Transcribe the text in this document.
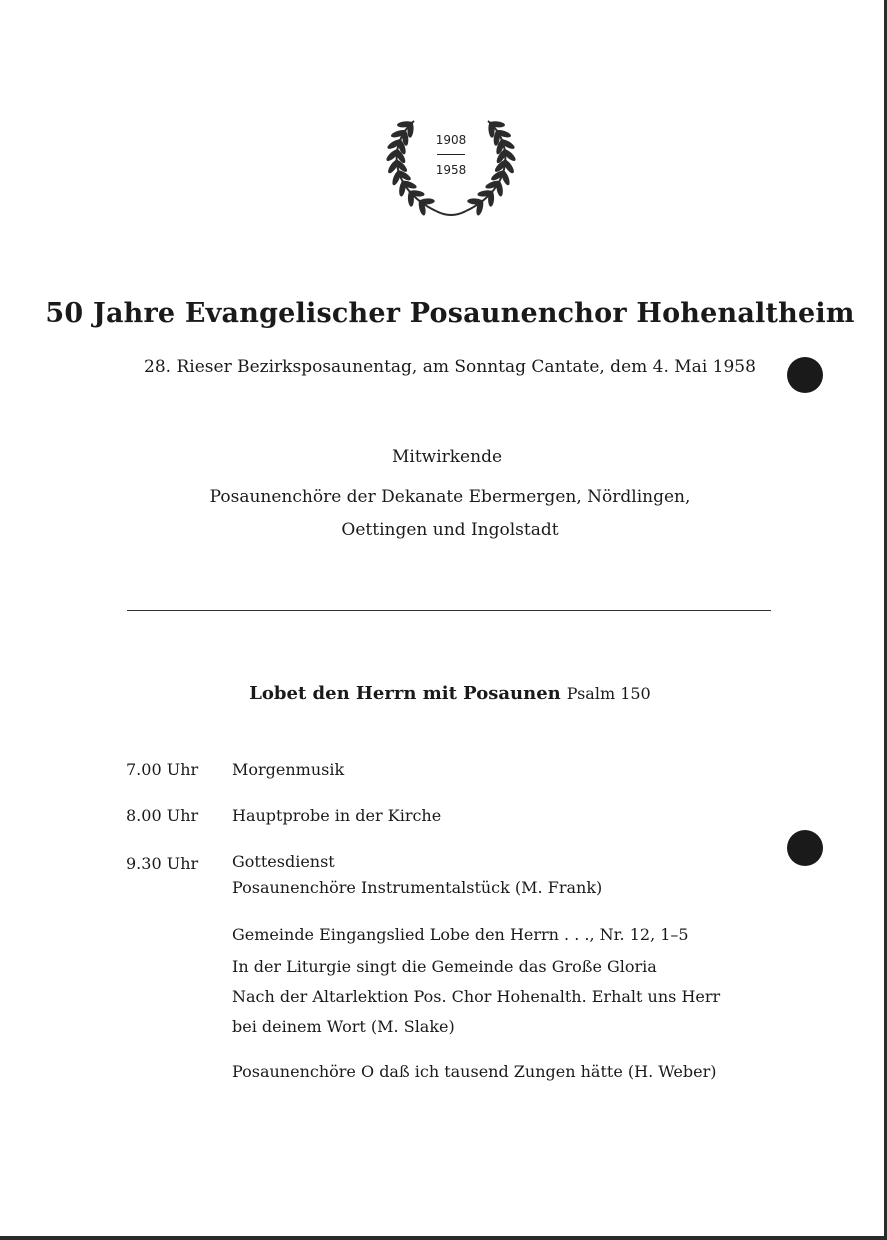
1908
1958
50 Jahre Evangelischer Posaunenchor Hohenaltheim
28. Rieser Bezirksposaunentag, am Sonntag Cantate, dem 4. Mai 1958
Mitwirkende
Posaunenchöre der Dekanate Ebermergen, Nördlingen,
Oettingen und Ingolstadt
Lobet den Herrn mit Posaunen Psalm 150
7.00 Uhr	Morgenmusik
8.00 Uhr	Hauptprobe in der Kirche
9.30 Uhr	Gottesdienst
Posaunenchöre Instrumentalstück (M. Frank)
Gemeinde Eingangslied Lobe den Herrn . . ., Nr. 12, 1–5
In der Liturgie singt die Gemeinde das Große Gloria
Nach der Altarlektion Pos. Chor Hohenalth. Erhalt uns Herr
bei deinem Wort (M. Slake)
Posaunenchöre O daß ich tausend Zungen hätte (H. Weber)
